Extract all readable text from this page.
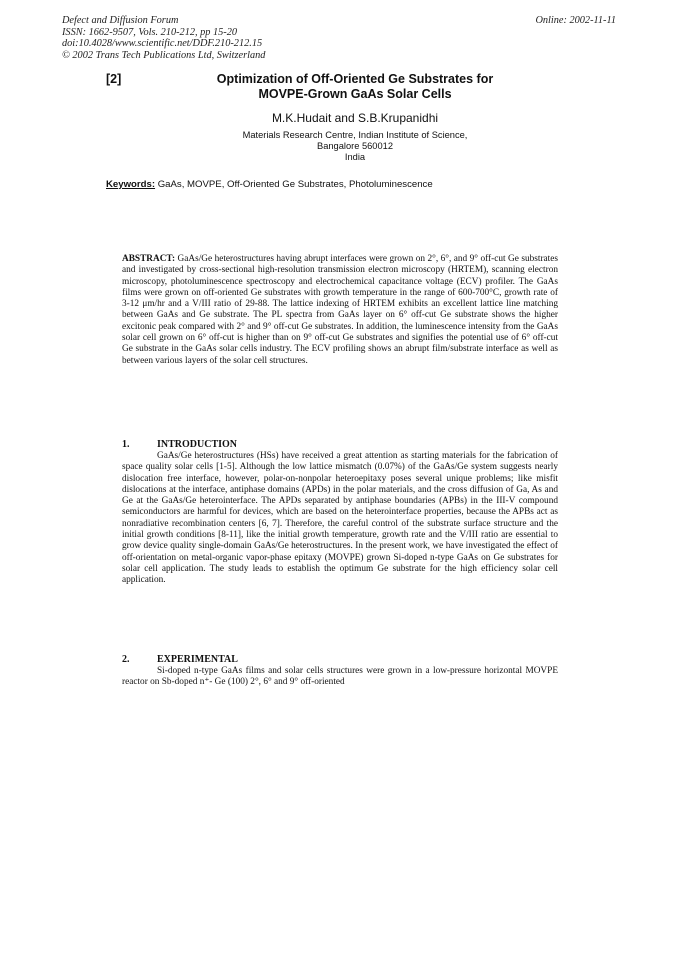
Defect and Diffusion Forum
ISSN: 1662-9507, Vols. 210-212, pp 15-20
doi:10.4028/www.scientific.net/DDF.210-212.15
© 2002 Trans Tech Publications Ltd, Switzerland
Online: 2002-11-11
[2]	Optimization of Off-Oriented Ge Substrates for
MOVPE-Grown GaAs Solar Cells
M.K.Hudait and S.B.Krupanidhi
Materials Research Centre, Indian Institute of Science,
Bangalore 560012
India
Keywords: GaAs, MOVPE, Off-Oriented Ge Substrates, Photoluminescence
ABSTRACT: GaAs/Ge heterostructures having abrupt interfaces were grown on 2°, 6°, and 9° off-cut Ge substrates and investigated by cross-sectional high-resolution transmission electron microscopy (HRTEM), scanning electron microscopy, photoluminescence spectroscopy and electrochemical capacitance voltage (ECV) profiler. The GaAs films were grown on off-oriented Ge substrates with growth temperature in the range of 600-700°C, growth rate of 3-12 μm/hr and a V/III ratio of 29-88. The lattice indexing of HRTEM exhibits an excellent lattice line matching between GaAs and Ge substrate. The PL spectra from GaAs layer on 6° off-cut Ge substrate shows the higher excitonic peak compared with 2° and 9° off-cut Ge substrates. In addition, the luminescence intensity from the GaAs solar cell grown on 6° off-cut is higher than on 9° off-cut Ge substrates and signifies the potential use of 6° off-cut Ge substrate in the GaAs solar cells industry. The ECV profiling shows an abrupt film/substrate interface as well as between various layers of the solar cell structures.
1.	INTRODUCTION

GaAs/Ge heterostructures (HSs) have received a great attention as starting materials for the fabrication of space quality solar cells [1-5]. Although the low lattice mismatch (0.07%) of the GaAs/Ge system suggests nearly dislocation free interface, however, polar-on-nonpolar heteroepitaxy poses several unique problems; like misfit dislocations at the interface, antiphase domains (APDs) in the polar materials, and the cross diffusion of Ga, As and Ge at the GaAs/Ge heterointerface. The APDs separated by antiphase boundaries (APBs) in the III-V compound semiconductors are harmful for devices, which are based on the heterointerface properties, because the APBs act as nonradiative recombination centers [6, 7]. Therefore, the careful control of the substrate surface structure and the initial growth conditions [8-11], like the initial growth temperature, growth rate and the V/III ratio are essential to grow device quality single-domain GaAs/Ge heterostructures. In the present work, we have investigated the effect of off-orientation on metal-organic vapor-phase epitaxy (MOVPE) grown Si-doped n-type GaAs on Ge substrates for solar cell application. The study leads to establish the optimum Ge substrate for the high efficiency solar cell application.

2.	EXPERIMENTAL

Si-doped n-type GaAs films and solar cells structures were grown in a low-pressure horizontal MOVPE reactor on Sb-doped n⁺- Ge (100) 2°, 6° and 9° off-oriented
